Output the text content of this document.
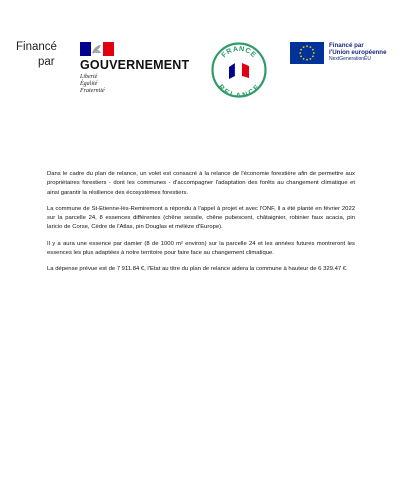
Financé
par GOUVERNEMENT
Liberté
Égalité
Fraternité
FRANCE
RELANCE
Financé par
l'Union européenne
NextGenerationEU

Dans le cadre du plan de relance, un volet est consacré à la relance de l'économie forestière afin de permettre aux propriétaires forestiers - dont les communes - d'accompagner l'adaptation des forêts au changement climatique et ainsi garantir la résilience des écosystèmes forestiers.

La commune de St-Etienne-lès-Remiremont a répondu à l'appel à projet et avec l'ONF, il a été planté en février 2022 sur la parcelle 24, 8 essences différentes (chêne sessile, chêne pubescent, châtaignier, robinier faux acacia, pin laricio de Corse, Cèdre de l'Atlas, pin Douglas et mélèze d'Europe).

Il y a aura une essence par damier (8 de 1000 m² environ) sur la parcelle 24 et les années futures montreront les essences les plus adaptées à notre territoire pour faire face au changement climatique.

La dépense prévue est de 7 911.84 €, l'Etat au titre du plan de relance aidera la commune à hauteur de 6 329.47 €.
